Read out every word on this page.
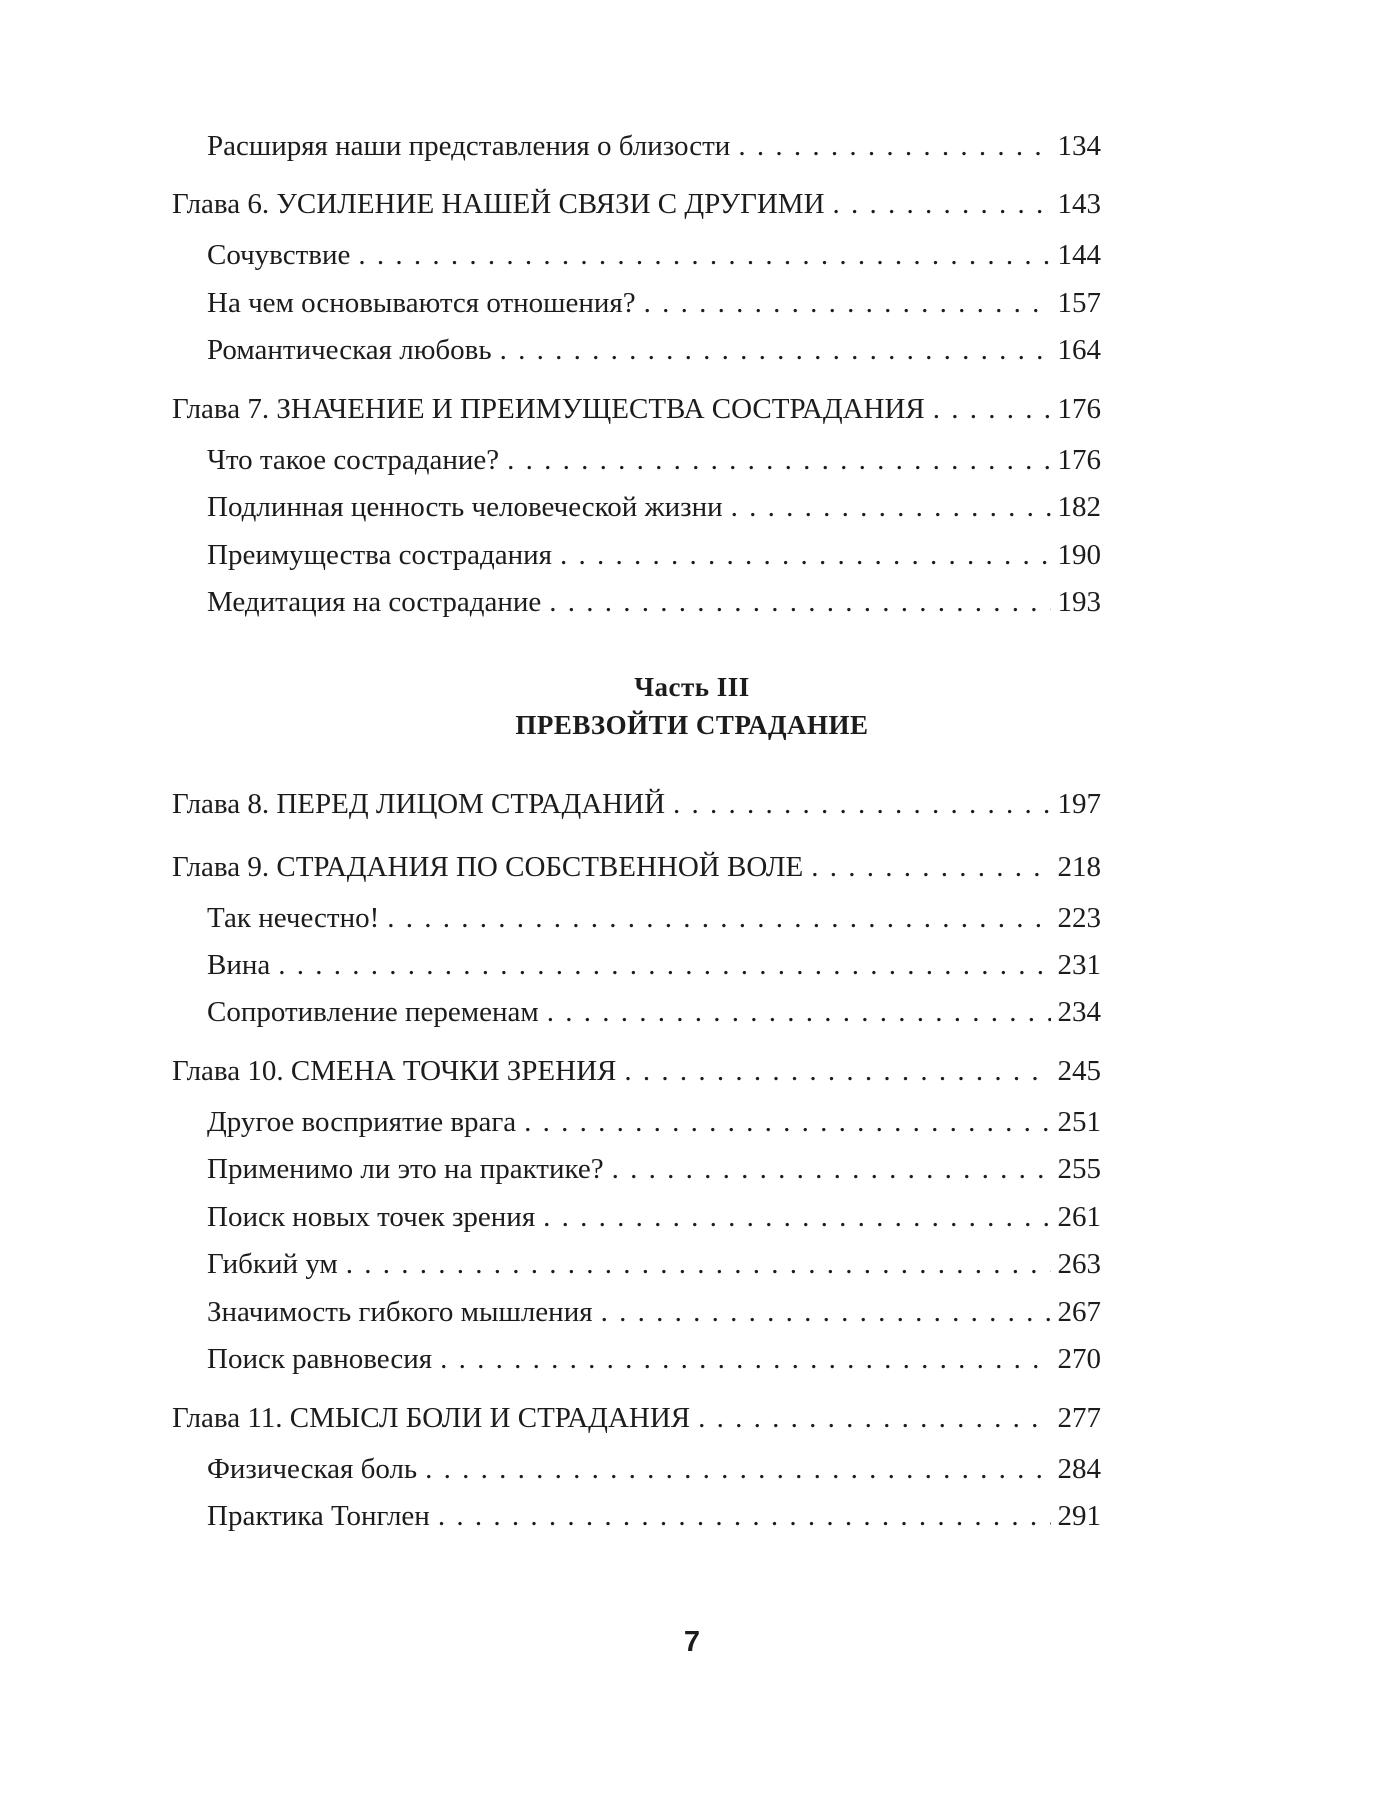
Расширяя наши представления о близости . . .	134
Глава 6. УСИЛЕНИЕ НАШЕЙ СВЯЗИ С ДРУГИМИ . . .	143
Сочувствие . . .	144
На чем основываются отношения? . . .	157
Романтическая любовь . . .	164
Глава 7. ЗНАЧЕНИЕ И ПРЕИМУЩЕСТВА СОСТРАДАНИЯ . . .	176
Что такое сострадание? . . .	176
Подлинная ценность человеческой жизни . . .	182
Преимущества сострадания . . .	190
Медитация на сострадание . . .	193
Часть III
ПРЕВЗОЙТИ СТРАДАНИЕ
Глава 8. ПЕРЕД ЛИЦОМ СТРАДАНИЙ . . .	197
Глава 9. СТРАДАНИЯ ПО СОБСТВЕННОЙ ВОЛЕ . . .	218
Так нечестно! . . .	223
Вина . . .	231
Сопротивление переменам . . .	234
Глава 10. СМЕНА ТОЧКИ ЗРЕНИЯ . . .	245
Другое восприятие врага . . .	251
Применимо ли это на практике? . . .	255
Поиск новых точек зрения . . .	261
Гибкий ум . . .	263
Значимость гибкого мышления . . .	267
Поиск равновесия . . .	270
Глава 11. СМЫСЛ БОЛИ И СТРАДАНИЯ . . .	277
Физическая боль . . .	284
Практика Тонглен . . .	291
7
